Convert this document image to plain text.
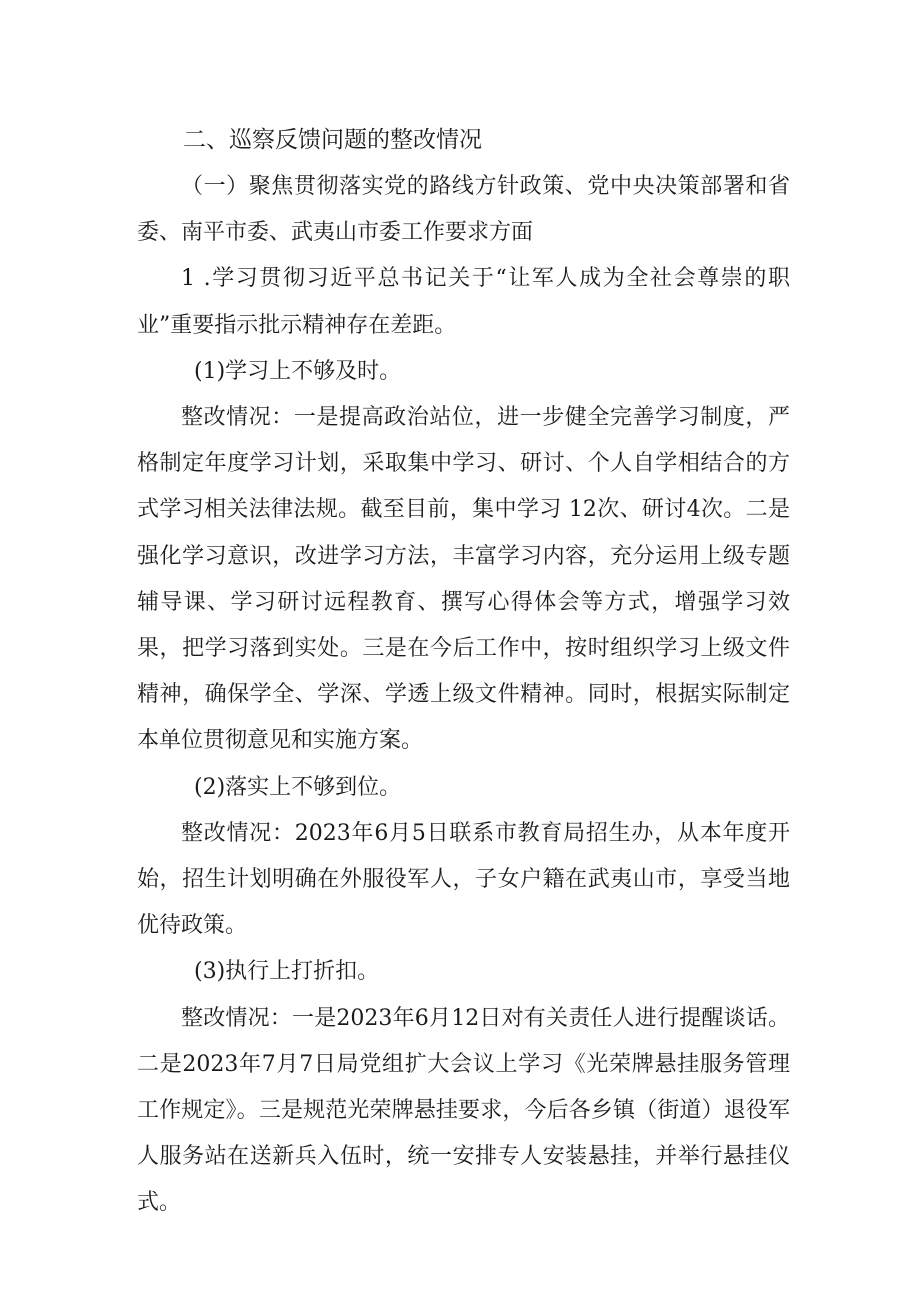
二、巡察反馈问题的整改情况

（一）聚焦贯彻落实党的路线方针政策、党中央决策部署和省委、南平市委、武夷山市委工作要求方面

1 .学习贯彻习近平总书记关于“让军人成为全社会尊崇的职业”重要指示批示精神存在差距。

(1)学习上不够及时。

整改情况：一是提高政治站位，进一步健全完善学习制度，严格制定年度学习计划，采取集中学习、研讨、个人自学相结合的方式学习相关法律法规。截至目前，集中学习 12次、研讨4次。二是强化学习意识，改进学习方法，丰富学习内容，充分运用上级专题辅导课、学习研讨远程教育、撰写心得体会等方式，增强学习效果，把学习落到实处。三是在今后工作中，按时组织学习上级文件精神，确保学全、学深、学透上级文件精神。同时，根据实际制定本单位贯彻意见和实施方案。

(2)落实上不够到位。

整改情况：2023年6月5日联系市教育局招生办，从本年度开始，招生计划明确在外服役军人，子女户籍在武夷山市，享受当地优待政策。

(3)执行上打折扣。

整改情况：一是2023年6月12日对有关责任人进行提醒谈话。二是2023年7月7日局党组扩大会议上学习《光荣牌悬挂服务管理工作规定》。三是规范光荣牌悬挂要求，今后各乡镇（街道）退役军人服务站在送新兵入伍时，统一安排专人安装悬挂，并举行悬挂仪式。
